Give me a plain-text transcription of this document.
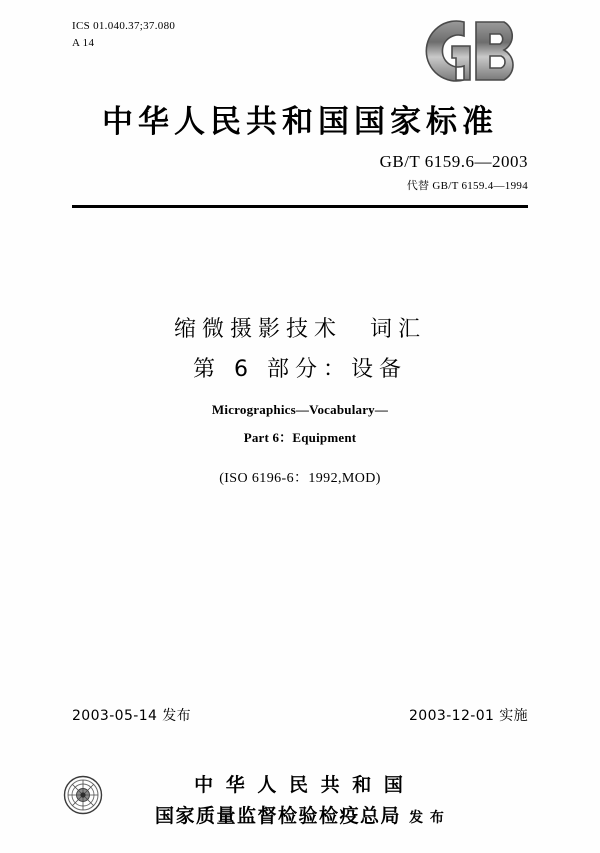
ICS 01.040.37;37.080
A 14
中华人民共和国国家标准
GB/T 6159.6—2003
代替 GB/T 6159.4—1994
缩微摄影技术　词汇
第 6 部分：设备
Micrographics—Vocabulary—
Part 6：Equipment
(ISO 6196-6：1992,MOD)
2003-05-14 发布	2003-12-01 实施
中 华 人 民 共 和 国
国家质量监督检验检疫总局 发 布
